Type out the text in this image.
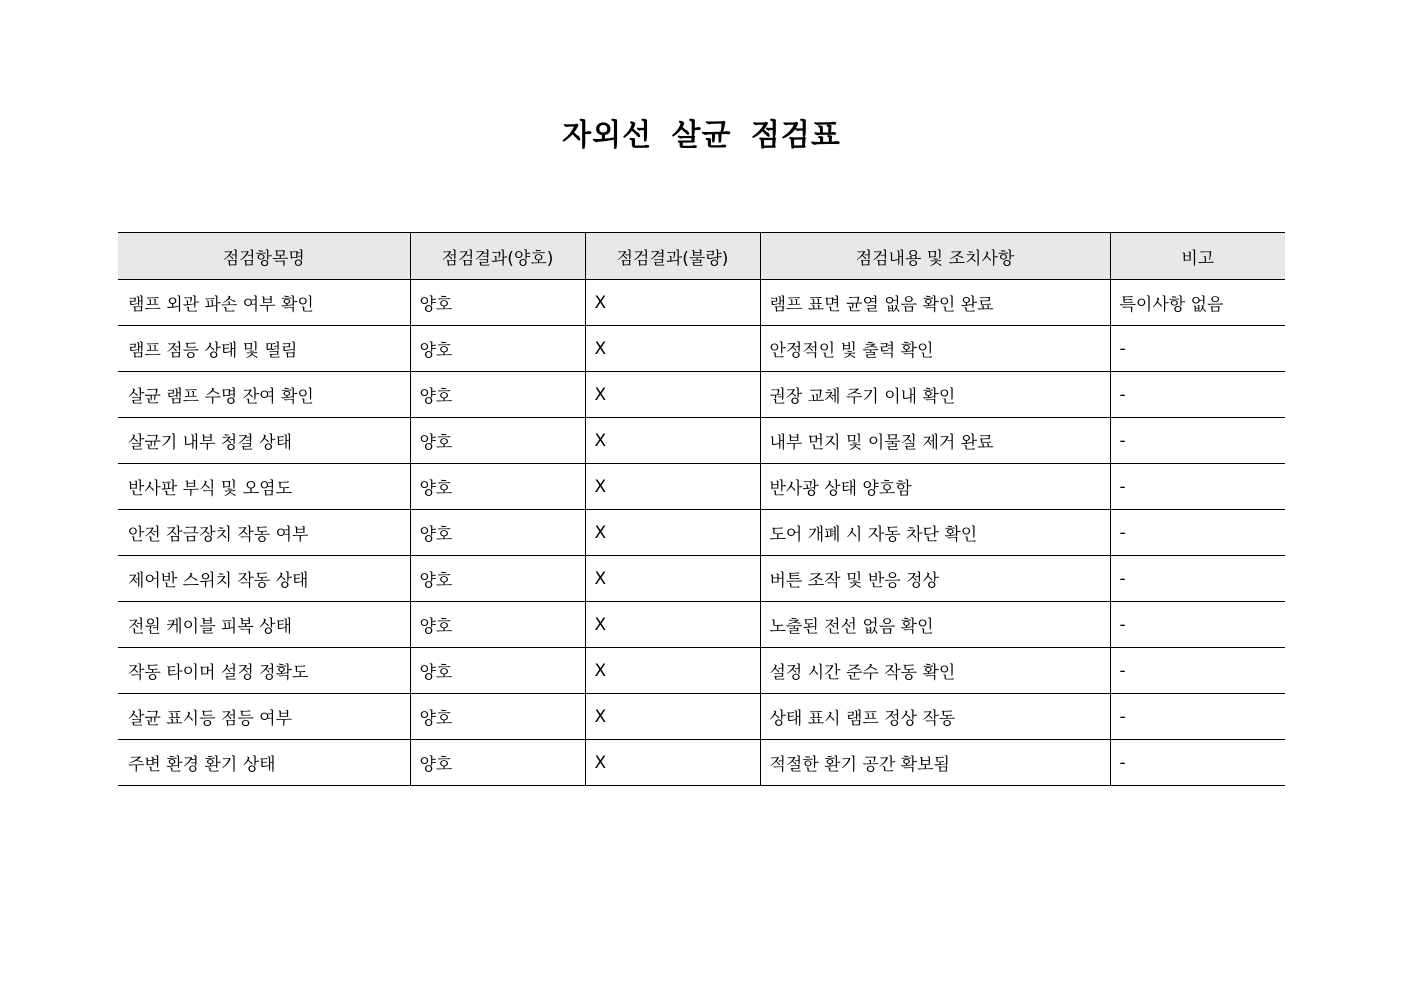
자외선 살균 점검표
점검항목명	점검결과(양호)	점검결과(불량)	점검내용 및 조치사항	비고
램프 외관 파손 여부 확인	양호	X	램프 표면 균열 없음 확인 완료	특이사항 없음
램프 점등 상태 및 떨림	양호	X	안정적인 빛 출력 확인	-
살균 램프 수명 잔여 확인	양호	X	권장 교체 주기 이내 확인	-
살균기 내부 청결 상태	양호	X	내부 먼지 및 이물질 제거 완료	-
반사판 부식 및 오염도	양호	X	반사광 상태 양호함	-
안전 잠금장치 작동 여부	양호	X	도어 개폐 시 자동 차단 확인	-
제어반 스위치 작동 상태	양호	X	버튼 조작 및 반응 정상	-
전원 케이블 피복 상태	양호	X	노출된 전선 없음 확인	-
작동 타이머 설정 정확도	양호	X	설정 시간 준수 작동 확인	-
살균 표시등 점등 여부	양호	X	상태 표시 램프 정상 작동	-
주변 환경 환기 상태	양호	X	적절한 환기 공간 확보됨	-
